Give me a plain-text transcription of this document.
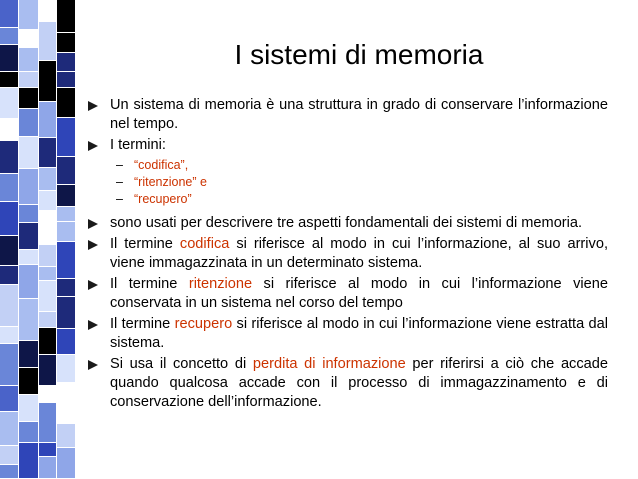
I sistemi di memoria
Un sistema di memoria è una struttura in grado di conservare l’informazione nel tempo.
I termini:
– “codifica”,
– “ritenzione” e
– “recupero”
sono usati per descrivere tre aspetti fondamentali dei sistemi di memoria.
Il termine codifica si riferisce al modo in cui l’informazione, al suo arrivo, viene immagazzinata in un determinato sistema.
Il termine ritenzione si riferisce al modo in cui l’informazione viene conservata in un sistema nel corso del tempo
Il termine recupero si riferisce al modo in cui l’informazione viene estratta dal sistema.
Si usa il concetto di perdita di informazione per riferirsi a ciò che accade quando qualcosa accade con il processo di immagazzinamento e di conservazione dell’informazione.
